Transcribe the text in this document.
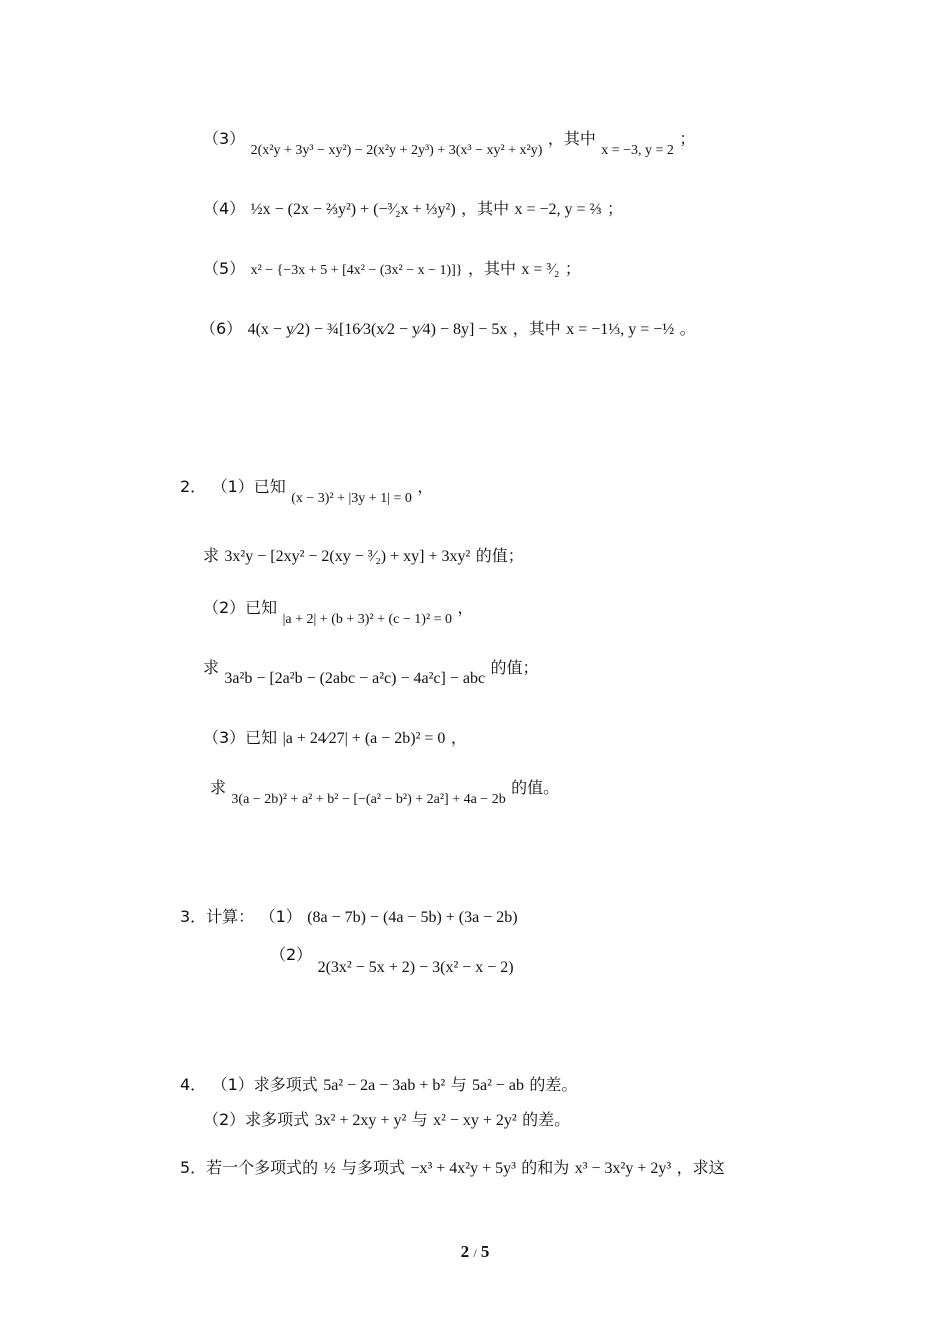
（3） $_{2(x^2y + 3y^3 - xy^2) - 2(x^2y + 2y^3) + 3(x^3 - xy^2 + x^2y)}$ ，其中 $_{x = -3, y = 2}$ ；
（4） ½x − (2x − ⅔y²) + (−³⁄₂x + ⅓y²) ，其中 x = −2, y = ⅔ ；
（5） x² − {−3x + 5 + [4x² − (3x² − x − 1)]} ，其中 x = ³⁄₂ ；
（6） 4(x − y⁄2) − ¾[16⁄3(x⁄2 − y⁄4) − 8y] − 5x ，其中 x = −1⅓, y = −½ 。
2． （1）已知 $_{(x - 3)^2 + |3y + 1| = 0}$ ，
求 3x²y − [2xy² − 2(xy − ³⁄₂) + xy] + 3xy² 的值；
（2）已知 $_{|a + 2| + (b + 3)^2 + (c - 1)^2 = 0}$ ，
求 3a²b − [2a²b − (2abc − a²c) − 4a²c] − abc 的值；
（3）已知 |a + 24⁄27| + (a − 2b)² = 0 ，
求 $_{3(a - 2b)^2 + a^2 + b^2 - [-(a^2 - b^2) + 2a^2] + 4a - 2b}$ 的值。
3．计算： （1） (8a − 7b) − (4a − 5b) + (3a − 2b)
（2） 2(3x² − 5x + 2) − 3(x² − x − 2)
4． （1）求多项式 5a² − 2a − 3ab + b² 与 5a² − ab 的差。
（2）求多项式 3x² + 2xy + y² 与 x² − xy + 2y² 的差。
5．若一个多项式的 ½ 与多项式 −x³ + 4x²y + 5y³ 的和为 x³ − 3x²y + 2y³ ，求这
2 / 5
